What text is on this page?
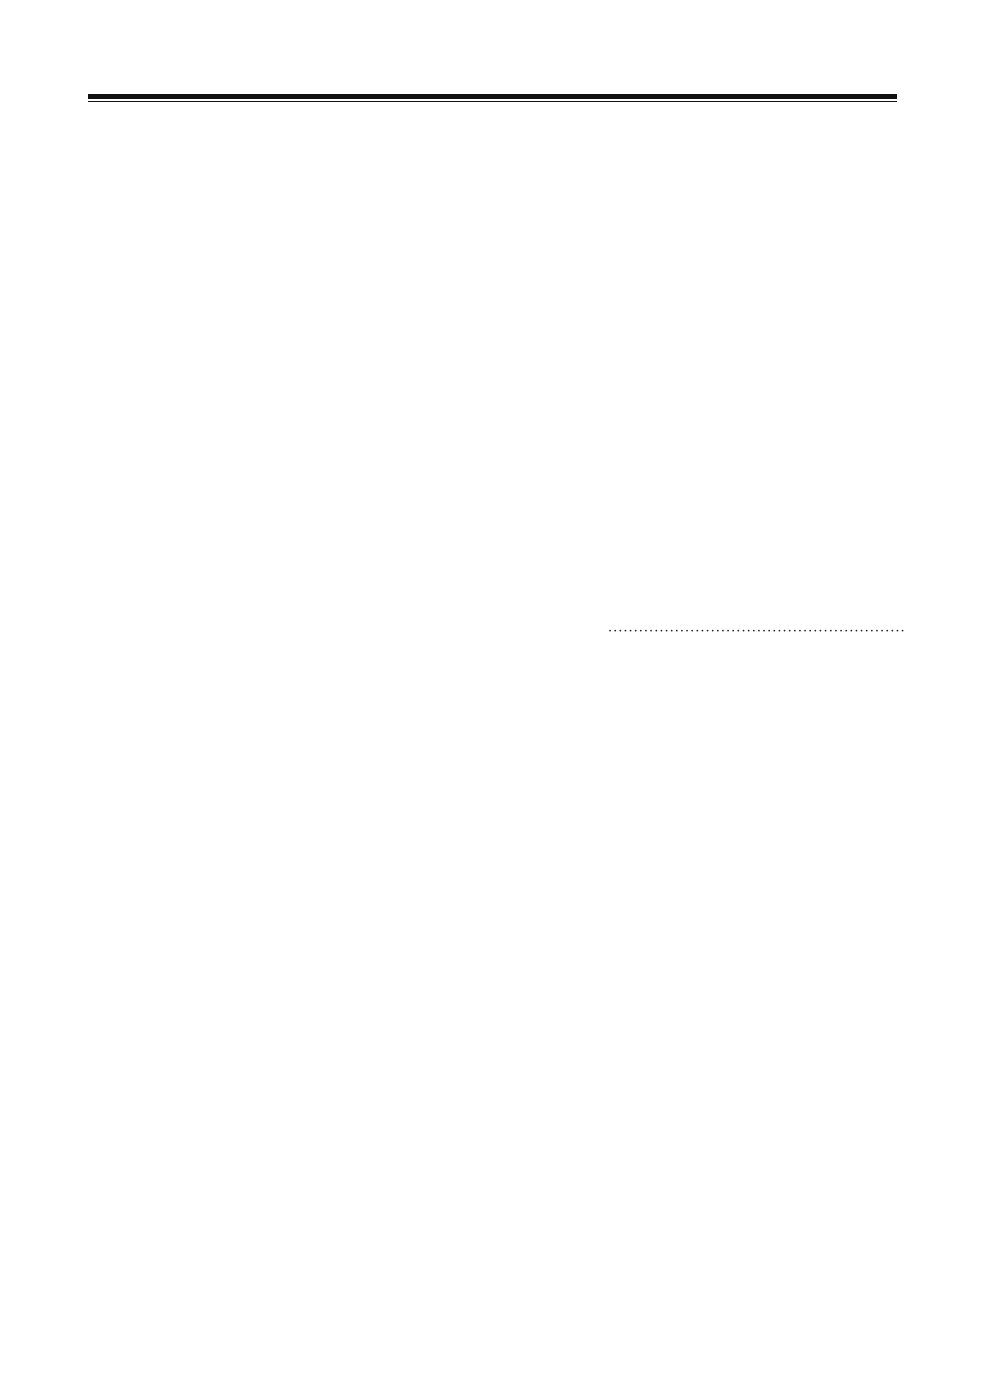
··························································
